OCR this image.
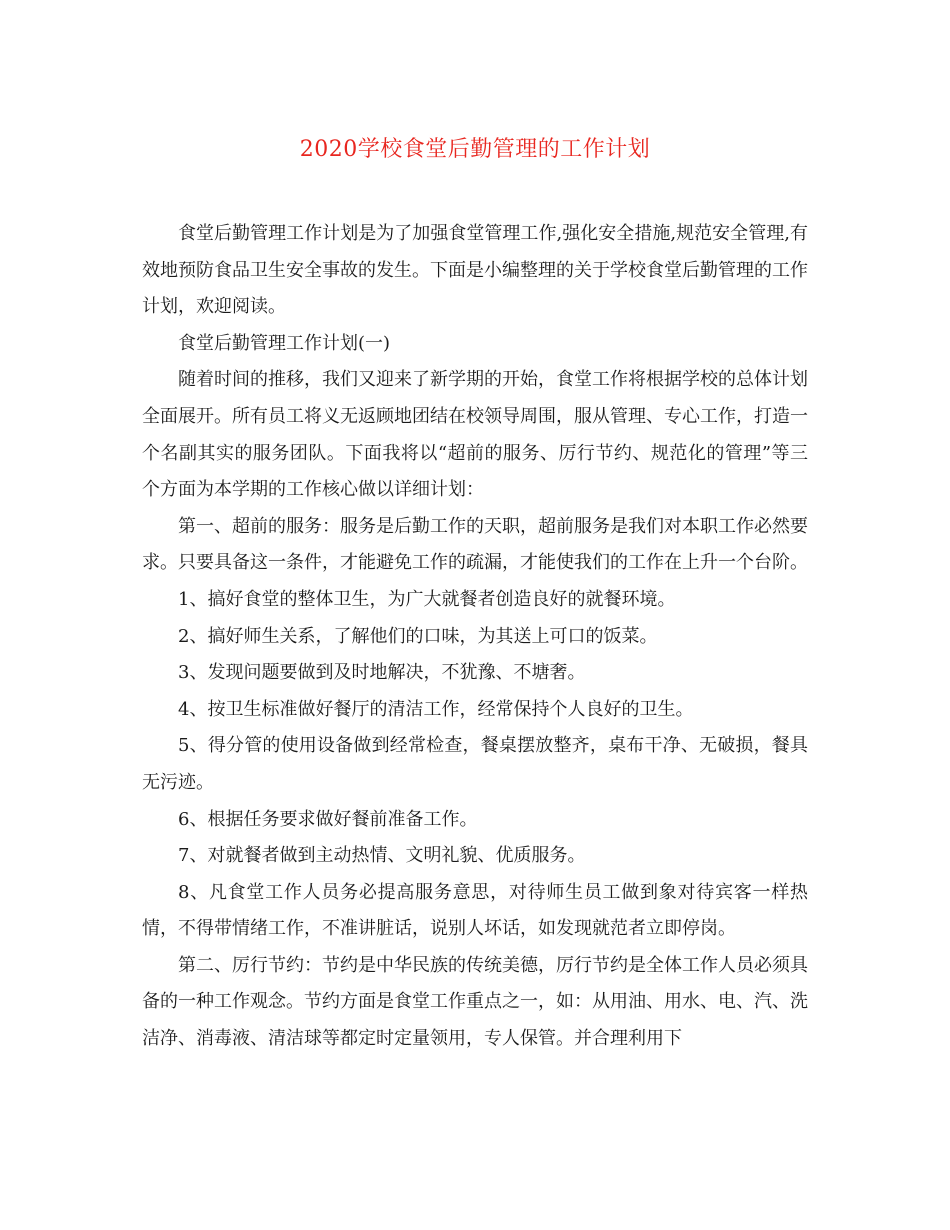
2020学校食堂后勤管理的工作计划

食堂后勤管理工作计划是为了加强食堂管理工作,强化安全措施,规范安全管理,有效地预防食品卫生安全事故的发生。下面是小编整理的关于学校食堂后勤管理的工作计划，欢迎阅读。

食堂后勤管理工作计划(一)

随着时间的推移，我们又迎来了新学期的开始，食堂工作将根据学校的总体计划全面展开。所有员工将义无返顾地团结在校领导周围，服从管理、专心工作，打造一个名副其实的服务团队。下面我将以“超前的服务、厉行节约、规范化的管理”等三个方面为本学期的工作核心做以详细计划：

第一、超前的服务：服务是后勤工作的天职，超前服务是我们对本职工作必然要求。只要具备这一条件，才能避免工作的疏漏，才能使我们的工作在上升一个台阶。

1、搞好食堂的整体卫生，为广大就餐者创造良好的就餐环境。

2、搞好师生关系，了解他们的口味，为其送上可口的饭菜。

3、发现问题要做到及时地解决，不犹豫、不塘奢。

4、按卫生标准做好餐厅的清洁工作，经常保持个人良好的卫生。

5、得分管的使用设备做到经常检查，餐桌摆放整齐，桌布干净、无破损，餐具无污迹。

6、根据任务要求做好餐前准备工作。

7、对就餐者做到主动热情、文明礼貌、优质服务。

8、凡食堂工作人员务必提高服务意思，对待师生员工做到象对待宾客一样热情，不得带情绪工作，不准讲脏话，说别人坏话，如发现就范者立即停岗。

第二、厉行节约：节约是中华民族的传统美德，厉行节约是全体工作人员必须具备的一种工作观念。节约方面是食堂工作重点之一，如：从用油、用水、电、汽、洗洁净、消毒液、清洁球等都定时定量领用，专人保管。并合理利用下
